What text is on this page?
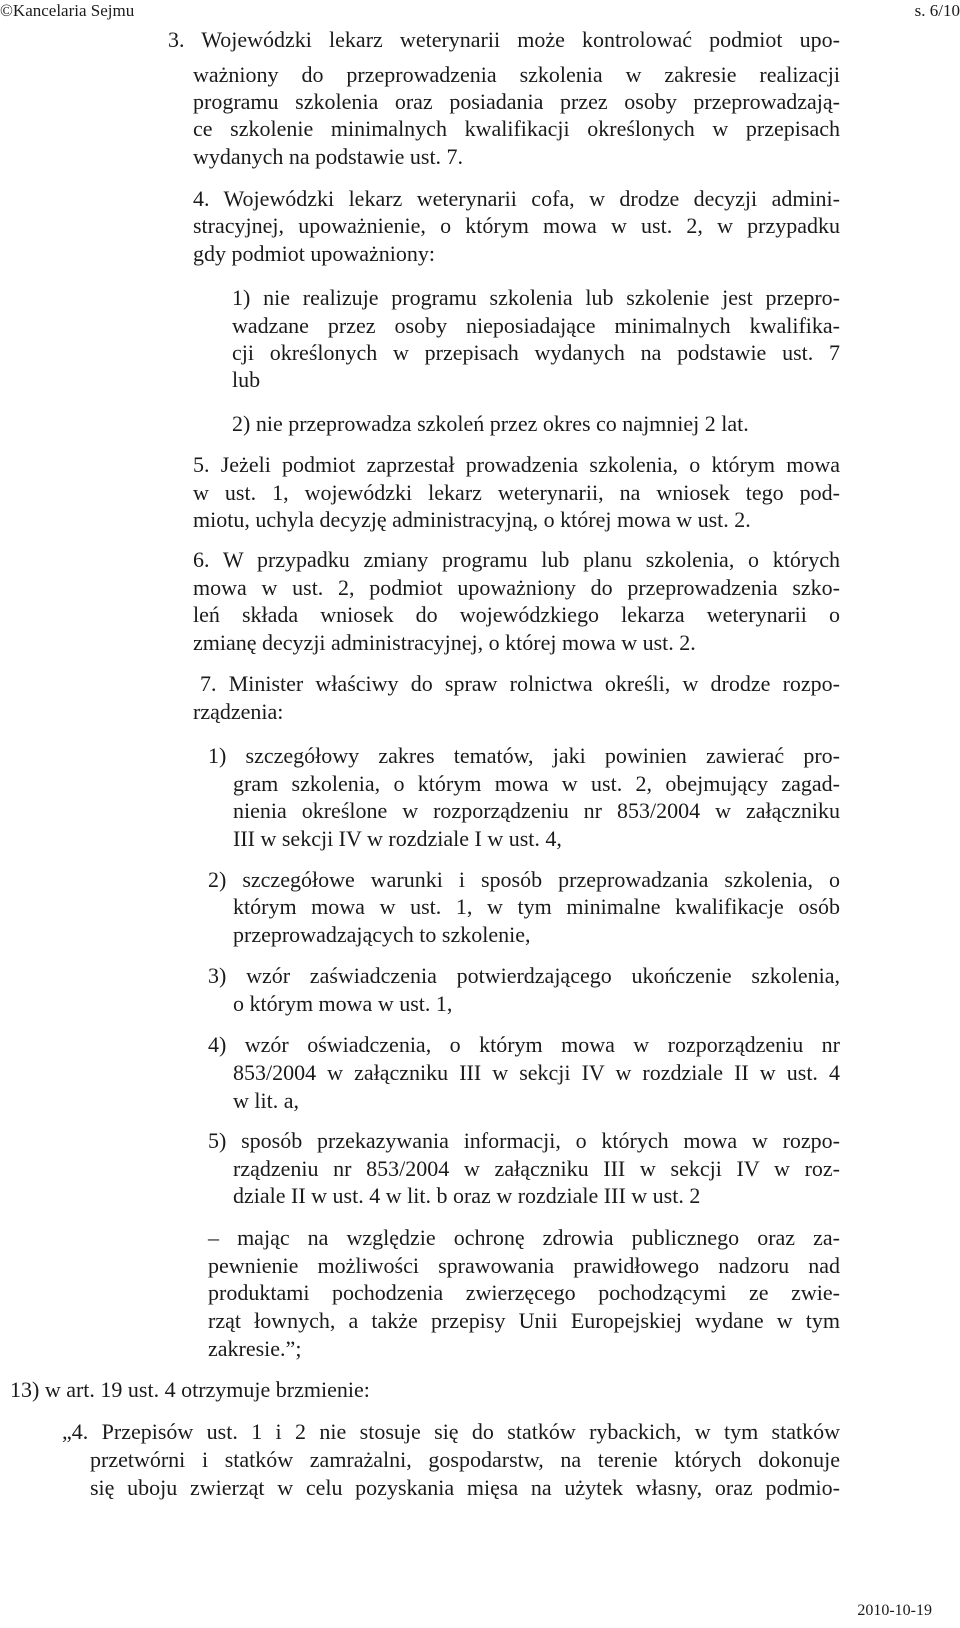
©Kancelaria Sejmu	s. 6/10
3. Wojewódzki lekarz weterynarii może kontrolować podmiot upo-
ważniony do przeprowadzenia szkolenia w zakresie realizacji
programu szkolenia oraz posiadania przez osoby przeprowadzają-
ce szkolenie minimalnych kwalifikacji określonych w przepisach
wydanych na podstawie ust. 7.
4. Wojewódzki lekarz weterynarii cofa, w drodze decyzji admini-
stracyjnej, upoważnienie, o którym mowa w ust. 2, w przypadku
gdy podmiot upoważniony:
1) nie realizuje programu szkolenia lub szkolenie jest przepro-
wadzane przez osoby nieposiadające minimalnych kwalifika-
cji określonych w przepisach wydanych na podstawie ust. 7
lub
2) nie przeprowadza szkoleń przez okres co najmniej 2 lat.
5. Jeżeli podmiot zaprzestał prowadzenia szkolenia, o którym mowa
w ust. 1, wojewódzki lekarz weterynarii, na wniosek tego pod-
miotu, uchyla decyzję administracyjną, o której mowa w ust. 2.
6. W przypadku zmiany programu lub planu szkolenia, o których
mowa w ust. 2, podmiot upoważniony do przeprowadzenia szko-
leń składa wniosek do wojewódzkiego lekarza weterynarii o
zmianę decyzji administracyjnej, o której mowa w ust. 2.
7. Minister właściwy do spraw rolnictwa określi, w drodze rozpo-
rządzenia:
1) szczegółowy zakres tematów, jaki powinien zawierać pro-
gram szkolenia, o którym mowa w ust. 2, obejmujący zagad-
nienia określone w rozporządzeniu nr 853/2004 w załączniku
III w sekcji IV w rozdziale I w ust. 4,
2) szczegółowe warunki i sposób przeprowadzania szkolenia, o
którym mowa w ust. 1, w tym minimalne kwalifikacje osób
przeprowadzających to szkolenie,
3) wzór zaświadczenia potwierdzającego ukończenie szkolenia,
o którym mowa w ust. 1,
4) wzór oświadczenia, o którym mowa w rozporządzeniu nr
853/2004 w załączniku III w sekcji IV w rozdziale II w ust. 4
w lit. a,
5) sposób przekazywania informacji, o których mowa w rozpo-
rządzeniu nr 853/2004 w załączniku III w sekcji IV w roz-
dziale II w ust. 4 w lit. b oraz w rozdziale III w ust. 2
– mając na względzie ochronę zdrowia publicznego oraz za-
pewnienie możliwości sprawowania prawidłowego nadzoru nad
produktami pochodzenia zwierzęcego pochodzącymi ze zwie-
rząt łownych, a także przepisy Unii Europejskiej wydane w tym
zakresie.”;
13) w art. 19 ust. 4 otrzymuje brzmienie:
„4. Przepisów ust. 1 i 2 nie stosuje się do statków rybackich, w tym statków
przetwórni i statków zamrażalni, gospodarstw, na terenie których dokonuje
się uboju zwierząt w celu pozyskania mięsa na użytek własny, oraz podmio-
2010-10-19
